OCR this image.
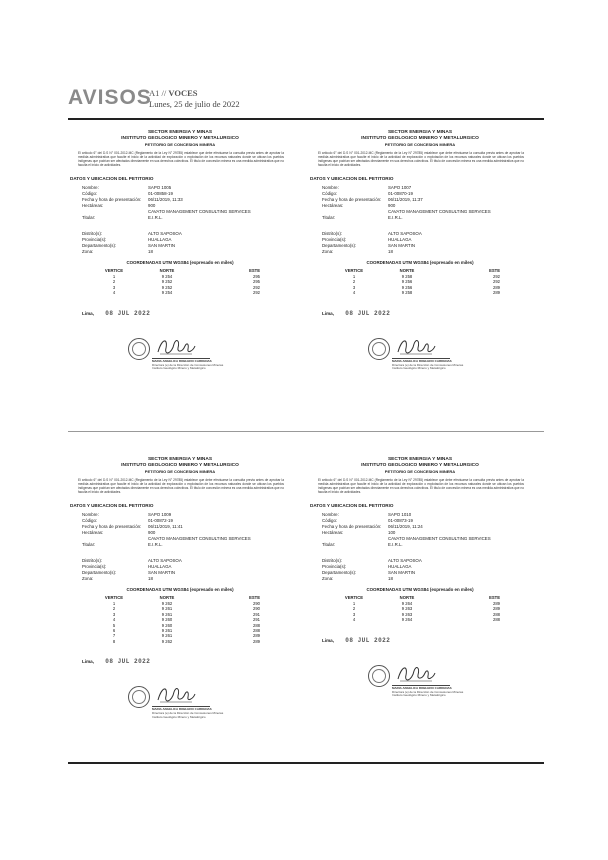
AVISOS
A1 // VOCES
Lunes, 25 de julio de 2022
SECTOR ENERGIA Y MINAS
INSTITUTO GEOLOGICO MINERO Y METALURGICO
PETITORIO DE CONCESION MINERA
El artículo 6° del D.S N° 001-2012-MC (Reglamento de la Ley N° 29785) establece que debe efectuarse la consulta previa antes de aprobar la medida administrativa que faculte el inicio de la actividad de exploración o explotación de los recursos naturales donde se ubican los pueblos indígenas que podrían ser afectados directamente en sus derechos colectivos. El título de concesión minera es una medida administrativa que no faculta el inicio de actividades.
DATOS Y UBICACION DEL PETITORIO
Nombre:	SAPO 1005
Código:	01-00858-19
Fecha y hora de presentación: 06/11/2019, 11:33
Hectáreas:	900
CAVATO MANAGEMENT CONSULTING SERVICES
Titular:	E.I.R.L.
Distrito(s):	ALTO SAPOSOA
Provincia(s):	HUALLAGA
Departamento(s):	SAN MARTIN
Zona:	18
COORDENADAS UTM WGS84 (expresado en miles)
VERTICE	NORTE	ESTE
1	9 254	295
2	9 252	295
3	9 252	292
4	9 254	292
Lima, 08 JUL 2022
MARIA ANGELICA ROBLEDO CARDENAS
Directora (e) de la Dirección de Concesiones Mineras Instituto Geológico Minero y Metalúrgico
SECTOR ENERGIA Y MINAS
INSTITUTO GEOLOGICO MINERO Y METALURGICO
PETITORIO DE CONCESION MINERA
El artículo 6° del D.S N° 001-2012-MC (Reglamento de la Ley N° 29785) establece que debe efectuarse la consulta previa antes de aprobar la medida administrativa que faculte el inicio de la actividad de exploración o explotación de los recursos naturales donde se ubican los pueblos indígenas que podrían ser afectados directamente en sus derechos colectivos. El título de concesión minera es una medida administrativa que no faculta el inicio de actividades.
DATOS Y UBICACION DEL PETITORIO
Nombre:	SAPO 1007
Código:	01-00870-19
Fecha y hora de presentación: 06/11/2019, 11:37
Hectáreas:	900
CAVATO MANAGEMENT CONSULTING SERVICES
Titular:	E.I.R.L.
Distrito(s):	ALTO SAPOSOA
Provincia(s):	HUALLAGA
Departamento(s):	SAN MARTIN
Zona:	18
COORDENADAS UTM WGS84 (expresado en miles)
VERTICE	NORTE	ESTE
1	9 258	292
2	9 256	292
3	9 256	289
4	9 258	289
Lima, 08 JUL 2022
MARIA ANGELICA ROBLEDO CARDENAS
Directora (e) de la Dirección de Concesiones Mineras Instituto Geológico Minero y Metalúrgico
SECTOR ENERGIA Y MINAS
INSTITUTO GEOLOGICO MINERO Y METALURGICO
PETITORIO DE CONCESION MINERA
El artículo 6° del D.S N° 001-2012-MC (Reglamento de la Ley N° 29785) establece que debe efectuarse la consulta previa antes de aprobar la medida administrativa que faculte el inicio de la actividad de exploración o explotación de los recursos naturales donde se ubican los pueblos indígenas que podrían ser afectados directamente en sus derechos colectivos. El título de concesión minera es una medida administrativa que no faculta el inicio de actividades.
DATOS Y UBICACION DEL PETITORIO
Nombre:	SAPO 1009
Código:	01-00872-19
Fecha y hora de presentación: 06/11/2019, 11:41
Hectáreas:	900
CAVATO MANAGEMENT CONSULTING SERVICES
Titular:	E.I.R.L.
Distrito(s):	ALTO SAPOSOA
Provincia(s):	HUALLAGA
Departamento(s):	SAN MARTIN
Zona:	18
COORDENADAS UTM WGS84 (expresado en miles)
VERTICE	NORTE	ESTE
1	9 262	290
2	9 261	290
3	9 261	291
4	9 260	291
5	9 260	288
6	9 261	288
7	9 261	289
8	9 262	289
Lima, 08 JUL 2022
MARIA ANGELICA ROBLEDO CARDENAS
Directora (e) de la Dirección de Concesiones Mineras Instituto Geológico Minero y Metalúrgico
SECTOR ENERGIA Y MINAS
INSTITUTO GEOLOGICO MINERO Y METALURGICO
PETITORIO DE CONCESION MINERA
El artículo 6° del D.S N° 001-2012-MC (Reglamento de la Ley N° 29785) establece que debe efectuarse la consulta previa antes de aprobar la medida administrativa que faculte el inicio de la actividad de exploración o explotación de los recursos naturales donde se ubican los pueblos indígenas que podrían ser afectados directamente en sus derechos colectivos. El título de concesión minera es una medida administrativa que no faculta el inicio de actividades.
DATOS Y UBICACION DEL PETITORIO
Nombre:	SAPO 1010
Código:	01-00873-19
Fecha y hora de presentación: 06/11/2019, 11:24
Hectáreas:	100
CAVATO MANAGEMENT CONSULTING SERVICES
Titular:	E.I.R.L.
Distrito(s):	ALTO SAPOSOA
Provincia(s):	HUALLAGA
Departamento(s):	SAN MARTIN
Zona:	18
COORDENADAS UTM WGS84 (expresado en miles)
VERTICE	NORTE	ESTE
1	9 264	289
2	9 263	289
3	9 263	288
4	9 264	288
Lima, 08 JUL 2022
MARIA ANGELICA ROBLEDO CARDENAS
Directora (e) de la Dirección de Concesiones Mineras Instituto Geológico Minero y Metalúrgico
